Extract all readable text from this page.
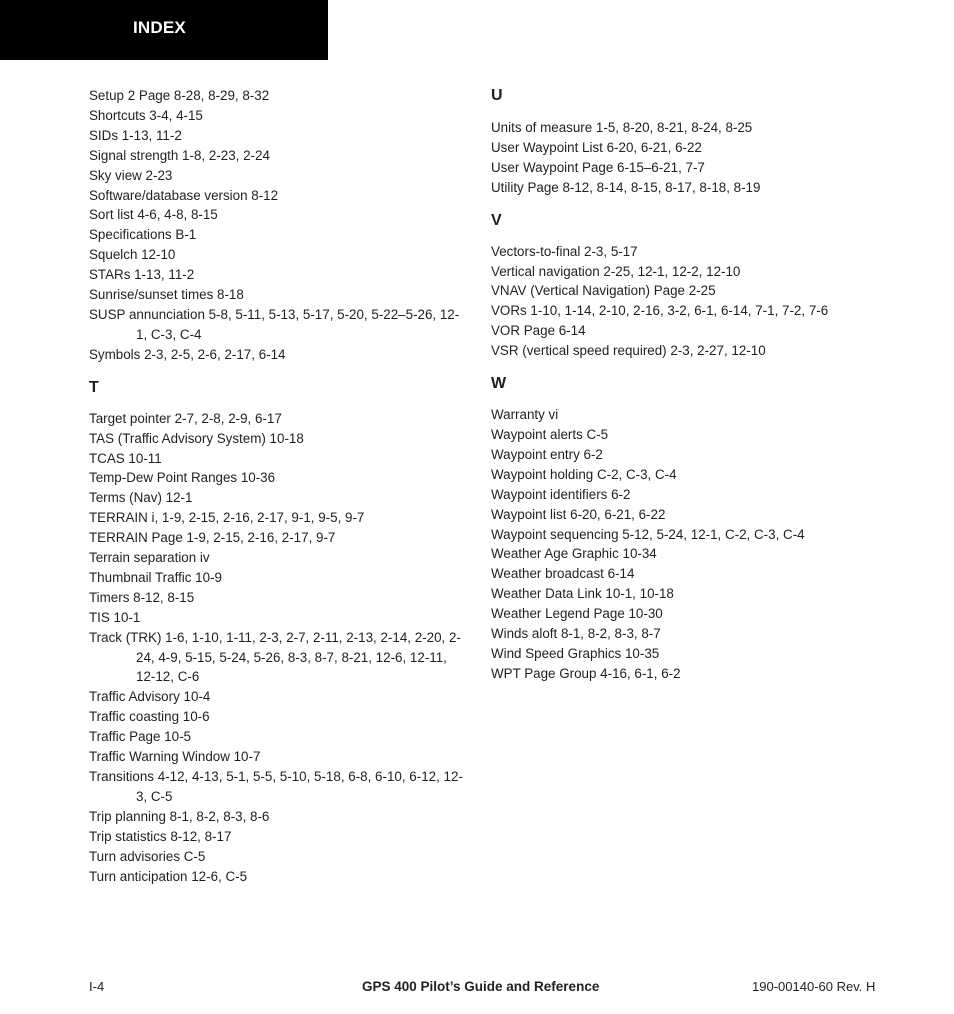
INDEX
Setup 2 Page 8-28, 8-29, 8-32
Shortcuts 3-4, 4-15
SIDs 1-13, 11-2
Signal strength 1-8, 2-23, 2-24
Sky view 2-23
Software/database version 8-12
Sort list 4-6, 4-8, 8-15
Specifications B-1
Squelch 12-10
STARs 1-13, 11-2
Sunrise/sunset times 8-18
SUSP annunciation 5-8, 5-11, 5-13, 5-17, 5-20, 5-22–5-26, 12-1, C-3, C-4
Symbols 2-3, 2-5, 2-6, 2-17, 6-14
T
Target pointer 2-7, 2-8, 2-9, 6-17
TAS (Traffic Advisory System) 10-18
TCAS 10-11
Temp-Dew Point Ranges 10-36
Terms (Nav) 12-1
TERRAIN i, 1-9, 2-15, 2-16, 2-17, 9-1, 9-5, 9-7
TERRAIN Page 1-9, 2-15, 2-16, 2-17, 9-7
Terrain separation iv
Thumbnail Traffic 10-9
Timers 8-12, 8-15
TIS 10-1
Track (TRK) 1-6, 1-10, 1-11, 2-3, 2-7, 2-11, 2-13, 2-14, 2-20, 2-24, 4-9, 5-15, 5-24, 5-26, 8-3, 8-7, 8-21, 12-6, 12-11, 12-12, C-6
Traffic Advisory 10-4
Traffic coasting 10-6
Traffic Page 10-5
Traffic Warning Window 10-7
Transitions 4-12, 4-13, 5-1, 5-5, 5-10, 5-18, 6-8, 6-10, 6-12, 12-3, C-5
Trip planning 8-1, 8-2, 8-3, 8-6
Trip statistics 8-12, 8-17
Turn advisories C-5
Turn anticipation 12-6, C-5
U
Units of measure 1-5, 8-20, 8-21, 8-24, 8-25
User Waypoint List 6-20, 6-21, 6-22
User Waypoint Page 6-15–6-21, 7-7
Utility Page 8-12, 8-14, 8-15, 8-17, 8-18, 8-19
V
Vectors-to-final 2-3, 5-17
Vertical navigation 2-25, 12-1, 12-2, 12-10
VNAV (Vertical Navigation) Page 2-25
VORs 1-10, 1-14, 2-10, 2-16, 3-2, 6-1, 6-14, 7-1, 7-2, 7-6
VOR Page 6-14
VSR (vertical speed required) 2-3, 2-27, 12-10
W
Warranty vi
Waypoint alerts C-5
Waypoint entry 6-2
Waypoint holding C-2, C-3, C-4
Waypoint identifiers 6-2
Waypoint list 6-20, 6-21, 6-22
Waypoint sequencing 5-12, 5-24, 12-1, C-2, C-3, C-4
Weather Age Graphic 10-34
Weather broadcast 6-14
Weather Data Link 10-1, 10-18
Weather Legend Page 10-30
Winds aloft 8-1, 8-2, 8-3, 8-7
Wind Speed Graphics 10-35
WPT Page Group 4-16, 6-1, 6-2
I-4	GPS 400 Pilot’s Guide and Reference	190-00140-60 Rev. H
